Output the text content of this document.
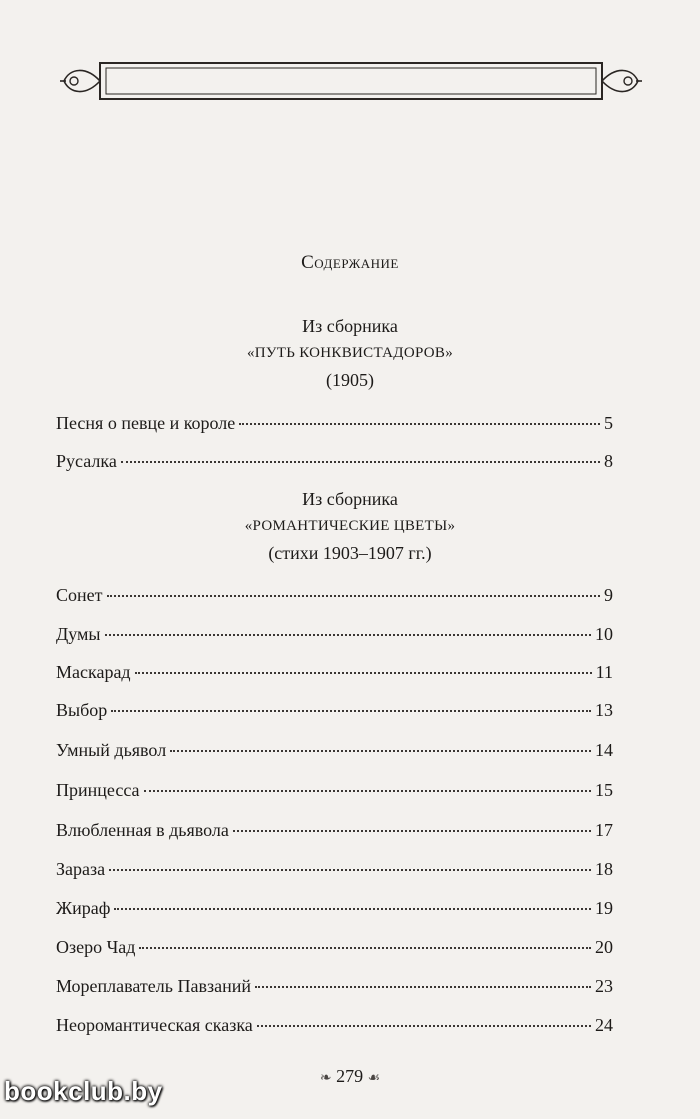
Содержание
Из сборника
«ПУТЬ КОНКВИСТАДОРОВ»
(1905)
Песня о певце и короле	5
Русалка	8
Из сборника
«РОМАНТИЧЕСКИЕ ЦВЕТЫ»
(стихи 1903–1907 гг.)
Сонет	9
Думы	10
Маскарад	11
Выбор	13
Умный дьявол	14
Принцесса	15
Влюбленная в дьявола	17
Зараза	18
Жираф	19
Озеро Чад	20
Мореплаватель Павзаний	23
Неоромантическая сказка	24
❧ 279 ☙
bookclub.by
